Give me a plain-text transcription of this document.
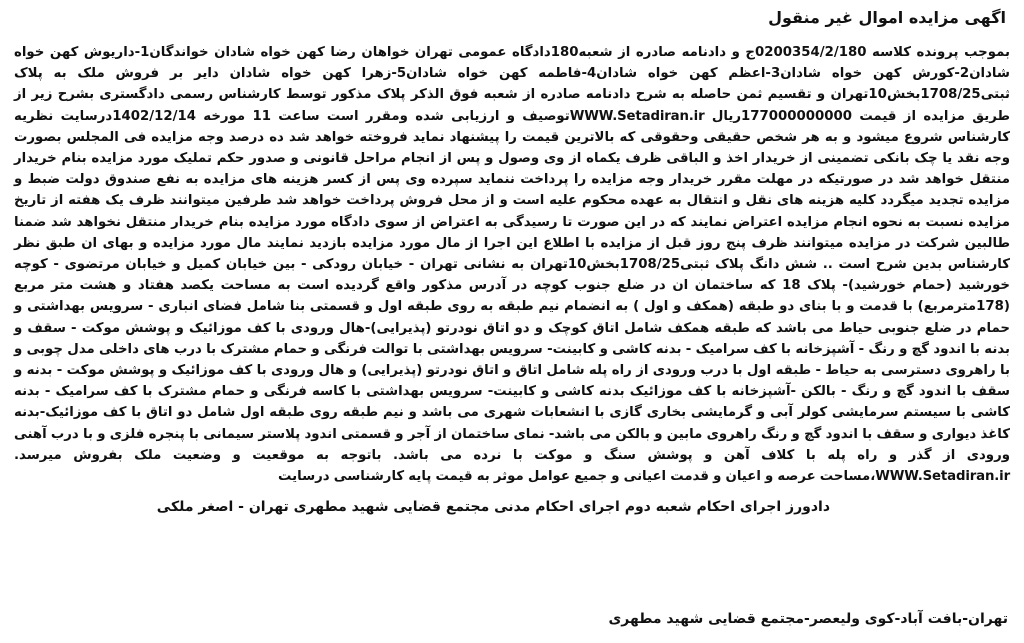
اگهی مزایده اموال غیر منقول

بموجب پرونده کلاسه 0200354/2/180ج و دادنامه صادره از شعبه180دادگاه عمومی تهران خواهان رضا کهن خواه شادان خواندگان1-داریوش کهن خواه شادان2-کورش کهن خواه شادان3-اعظم کهن خواه شادان4-فاطمه کهن خواه شادان5-زهرا کهن خواه شادان دایر بر فروش ملک به پلاک ثبتی1708/25بخش10تهران و تقسیم ثمن حاصله به شرح دادنامه صادره از شعبه فوق الذکر پلاک مذکور توسط کارشناس رسمی دادگستری بشرح زیر از طریق مزایده از قیمت 177000000000ریال WWW.Setadiran.irتوصیف و ارزیابی شده ومقرر است ساعت 11 مورخه 1402/12/14درسایت نظریه کارشناس شروع میشود و به هر شخص حقیقی وحقوقی که بالاترین قیمت را پیشنهاد نماید فروخته خواهد شد ده درصد وجه مزایده فی المجلس بصورت وجه نقد یا چک بانکی تضمینی از خریدار اخذ و الباقی ظرف یکماه از وی وصول و پس از انجام مراحل قانونی و صدور حکم تملیک مورد مزایده بنام خریدار منتقل خواهد شد در صورتیکه در مهلت مقرر خریدار وجه مزایده را پرداخت ننماید سپرده وی پس از کسر هزینه های مزایده به نفع صندوق دولت ضبط و مزایده تجدید میگردد کلیه هزینه های نقل و انتقال به عهده محکوم علیه است و از محل فروش پرداخت خواهد شد طرفین میتوانند ظرف یک هفته از تاریخ مزایده نسبت به نحوه انجام مزایده اعتراض نمایند که در این صورت تا رسیدگی به اعتراض از سوی دادگاه مورد مزایده بنام خریدار منتقل نخواهد شد ضمنا طالبین شرکت در مزایده میتوانند ظرف پنج روز قبل از مزایده با اطلاع این اجرا از مال مورد مزایده بازدید نمایند مال مورد مزایده و بهای ان طبق نظر کارشناس بدین شرح است .. شش دانگ پلاک ثبتی1708/25بخش10تهران به نشانی تهران - خیابان رودکی - بین خیابان کمیل و خیابان مرتضوی - کوچه خورشید (حمام خورشید)- پلاک 18 که ساختمان ان در ضلع جنوب کوچه در آدرس مذکور واقع گردیده است به مساحت یکصد هفتاد و هشت متر مربع (178مترمربع) با قدمت و با بنای دو طبقه (همکف و اول ) به انضمام نیم طبقه به روی طبقه اول و قسمتی بنا شامل فضای انباری - سرویس بهداشتی و حمام در ضلع جنوبی حیاط می باشد که طبقه همکف شامل اتاق کوچک و دو اتاق نودرتو (پذیرایی)-هال ورودی با کف موزائیک و پوشش موکت - سقف و بدنه با اندود گچ و رنگ - آشپزخانه با کف سرامیک - بدنه کاشی و کابینت- سرویس بهداشتی با توالت فرنگی و حمام مشترک با درب های داخلی مدل چوبی و با راهروی دسترسی به حیاط - طبقه اول با درب ورودی از راه پله شامل اتاق و اتاق نودرتو (پذیرایی) و هال ورودی با کف موزائیک و پوشش موکت - بدنه و سقف با اندود گچ و رنگ - بالکن -آشپزخانه با کف موزائیک بدنه کاشی و کابینت- سرویس بهداشتی با کاسه فرنگی و حمام مشترک با کف سرامیک - بدنه کاشی با سیستم سرمایشی کولر آبی و گرمایشی بخاری گازی با انشعابات شهری می باشد و نیم طبقه روی طبقه اول شامل دو اتاق با کف موزائیک-بدنه کاغذ دیواری و سقف با اندود گچ و رنگ راهروی مابین و بالکن می باشد- نمای ساختمان از آجر و قسمتی اندود پلاستر سیمانی با پنجره فلزی و با درب آهنی ورودی از گذر و راه پله با کلاف آهن و پوشش سنگ و موکت با نرده می باشد. باتوجه به موقعیت و وضعیت ملک بفروش میرسد. WWW.Setadiran.ir،مساحت عرصه و اعیان و قدمت اعیانی و جمیع عوامل موثر به قیمت پایه کارشناسی درسایت

دادورز اجرای احکام شعبه دوم اجرای احکام مدنی مجتمع قضایی شهید مطهری تهران - اصغر ملکی
تهران-بافت آباد-کوی ولیعصر-مجتمع قضایی شهید مطهری
